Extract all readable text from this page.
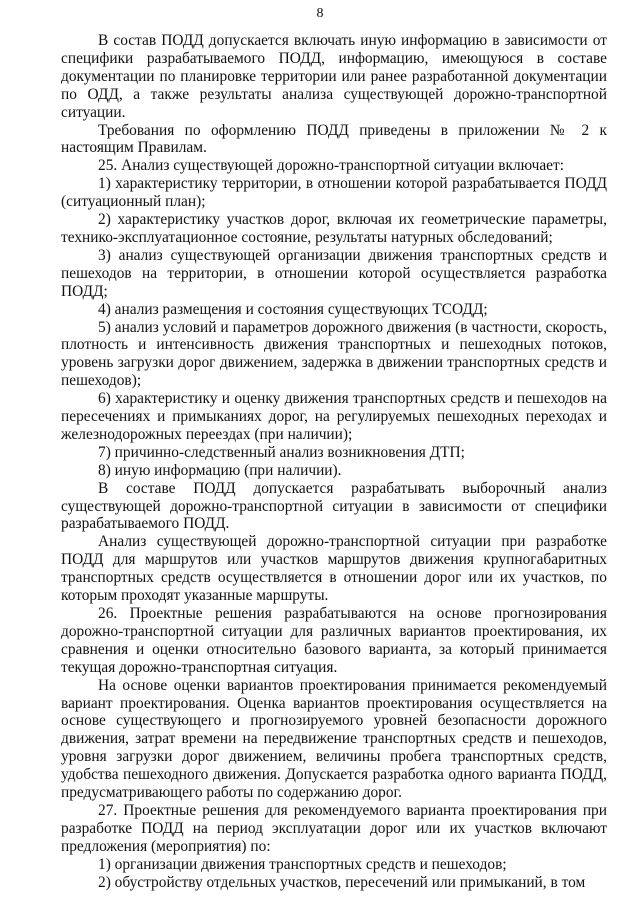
8

В состав ПОДД допускается включать иную информацию в зависимости от специфики разрабатываемого ПОДД, информацию, имеющуюся в составе документации по планировке территории или ранее разработанной документации по ОДД, а также результаты анализа существующей дорожно-транспортной ситуации.

Требования по оформлению ПОДД приведены в приложении № 2 к настоящим Правилам.

25. Анализ существующей дорожно-транспортной ситуации включает:

1) характеристику территории, в отношении которой разрабатывается ПОДД (ситуационный план);

2) характеристику участков дорог, включая их геометрические параметры, технико-эксплуатационное состояние, результаты натурных обследований;

3) анализ существующей организации движения транспортных средств и пешеходов на территории, в отношении которой осуществляется разработка ПОДД;

4) анализ размещения и состояния существующих ТСОДД;

5) анализ условий и параметров дорожного движения (в частности, скорость, плотность и интенсивность движения транспортных и пешеходных потоков, уровень загрузки дорог движением, задержка в движении транспортных средств и пешеходов);

6) характеристику и оценку движения транспортных средств и пешеходов на пересечениях и примыканиях дорог, на регулируемых пешеходных переходах и железнодорожных переездах (при наличии);

7) причинно-следственный анализ возникновения ДТП;

8) иную информацию (при наличии).

В составе ПОДД допускается разрабатывать выборочный анализ существующей дорожно-транспортной ситуации в зависимости от специфики разрабатываемого ПОДД.

Анализ существующей дорожно-транспортной ситуации при разработке ПОДД для маршрутов или участков маршрутов движения крупногабаритных транспортных средств осуществляется в отношении дорог или их участков, по которым проходят указанные маршруты.

26. Проектные решения разрабатываются на основе прогнозирования дорожно-транспортной ситуации для различных вариантов проектирования, их сравнения и оценки относительно базового варианта, за который принимается текущая дорожно-транспортная ситуация.

На основе оценки вариантов проектирования принимается рекомендуемый вариант проектирования. Оценка вариантов проектирования осуществляется на основе существующего и прогнозируемого уровней безопасности дорожного движения, затрат времени на передвижение транспортных средств и пешеходов, уровня загрузки дорог движением, величины пробега транспортных средств, удобства пешеходного движения. Допускается разработка одного варианта ПОДД, предусматривающего работы по содержанию дорог.

27. Проектные решения для рекомендуемого варианта проектирования при разработке ПОДД на период эксплуатации дорог или их участков включают предложения (мероприятия) по:

1) организации движения транспортных средств и пешеходов;

2) обустройству отдельных участков, пересечений или примыканий, в том
